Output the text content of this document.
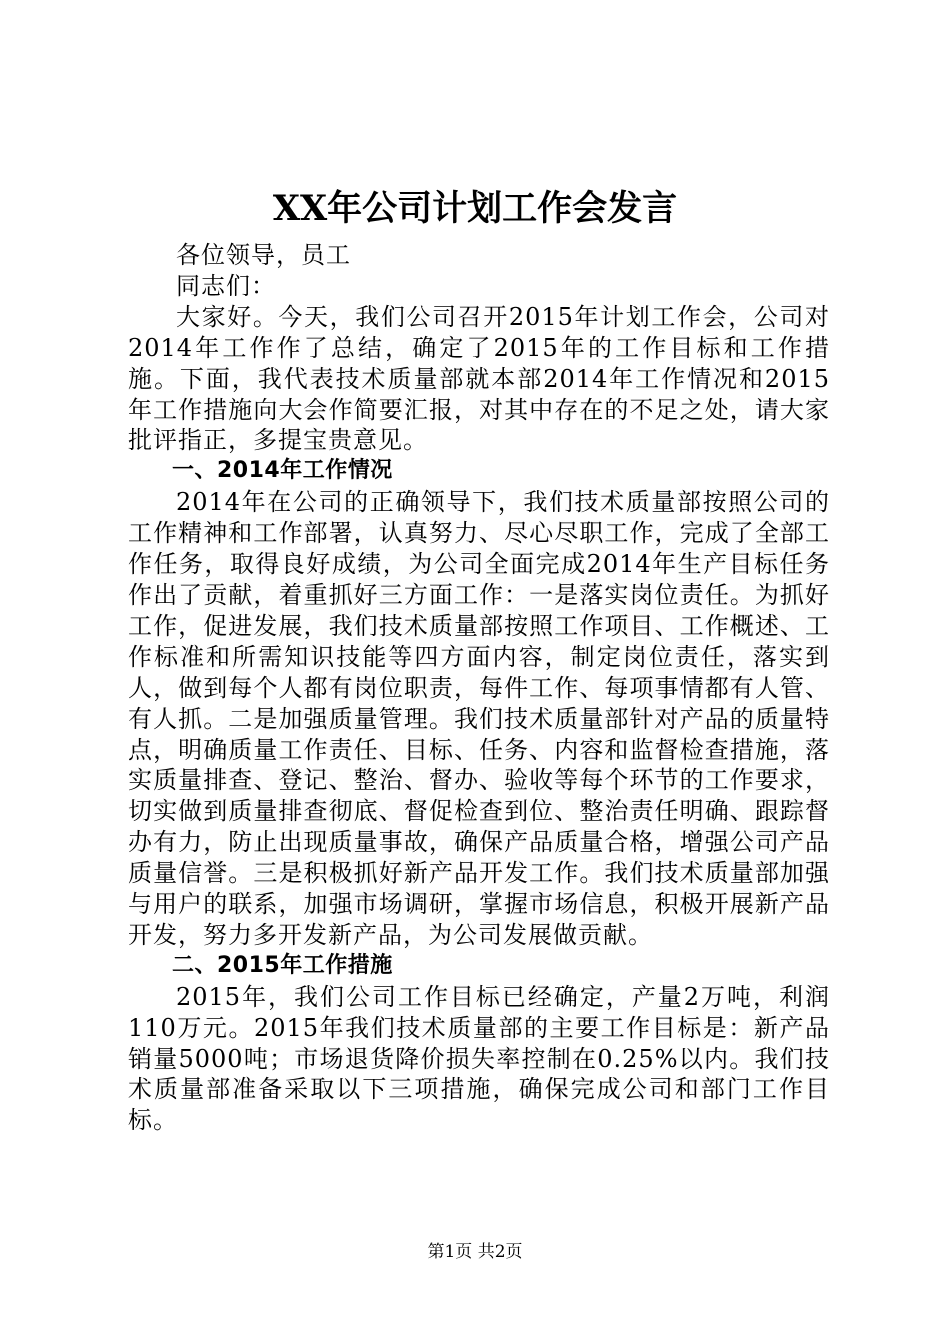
XX年公司计划工作会发言

各位领导，员工

同志们：

大家好。今天，我们公司召开2015年计划工作会，公司对2014年工作作了总结，确定了2015年的工作目标和工作措施。下面，我代表技术质量部就本部2014年工作情况和2015年工作措施向大会作简要汇报，对其中存在的不足之处，请大家批评指正，多提宝贵意见。

一、2014年工作情况

2014年在公司的正确领导下，我们技术质量部按照公司的工作精神和工作部署，认真努力、尽心尽职工作，完成了全部工作任务，取得良好成绩，为公司全面完成2014年生产目标任务作出了贡献，着重抓好三方面工作：一是落实岗位责任。为抓好工作，促进发展，我们技术质量部按照工作项目、工作概述、工作标准和所需知识技能等四方面内容，制定岗位责任，落实到人，做到每个人都有岗位职责，每件工作、每项事情都有人管、有人抓。二是加强质量管理。我们技术质量部针对产品的质量特点，明确质量工作责任、目标、任务、内容和监督检查措施，落实质量排查、登记、整治、督办、验收等每个环节的工作要求，切实做到质量排查彻底、督促检查到位、整治责任明确、跟踪督办有力，防止出现质量事故，确保产品质量合格，增强公司产品质量信誉。三是积极抓好新产品开发工作。我们技术质量部加强与用户的联系，加强市场调研，掌握市场信息，积极开展新产品开发，努力多开发新产品，为公司发展做贡献。

二、2015年工作措施

2015年，我们公司工作目标已经确定，产量2万吨，利润110万元。2015年我们技术质量部的主要工作目标是：新产品销量5000吨；市场退货降价损失率控制在0.25%以内。我们技术质量部准备采取以下三项措施，确保完成公司和部门工作目标。

第1页 共2页
